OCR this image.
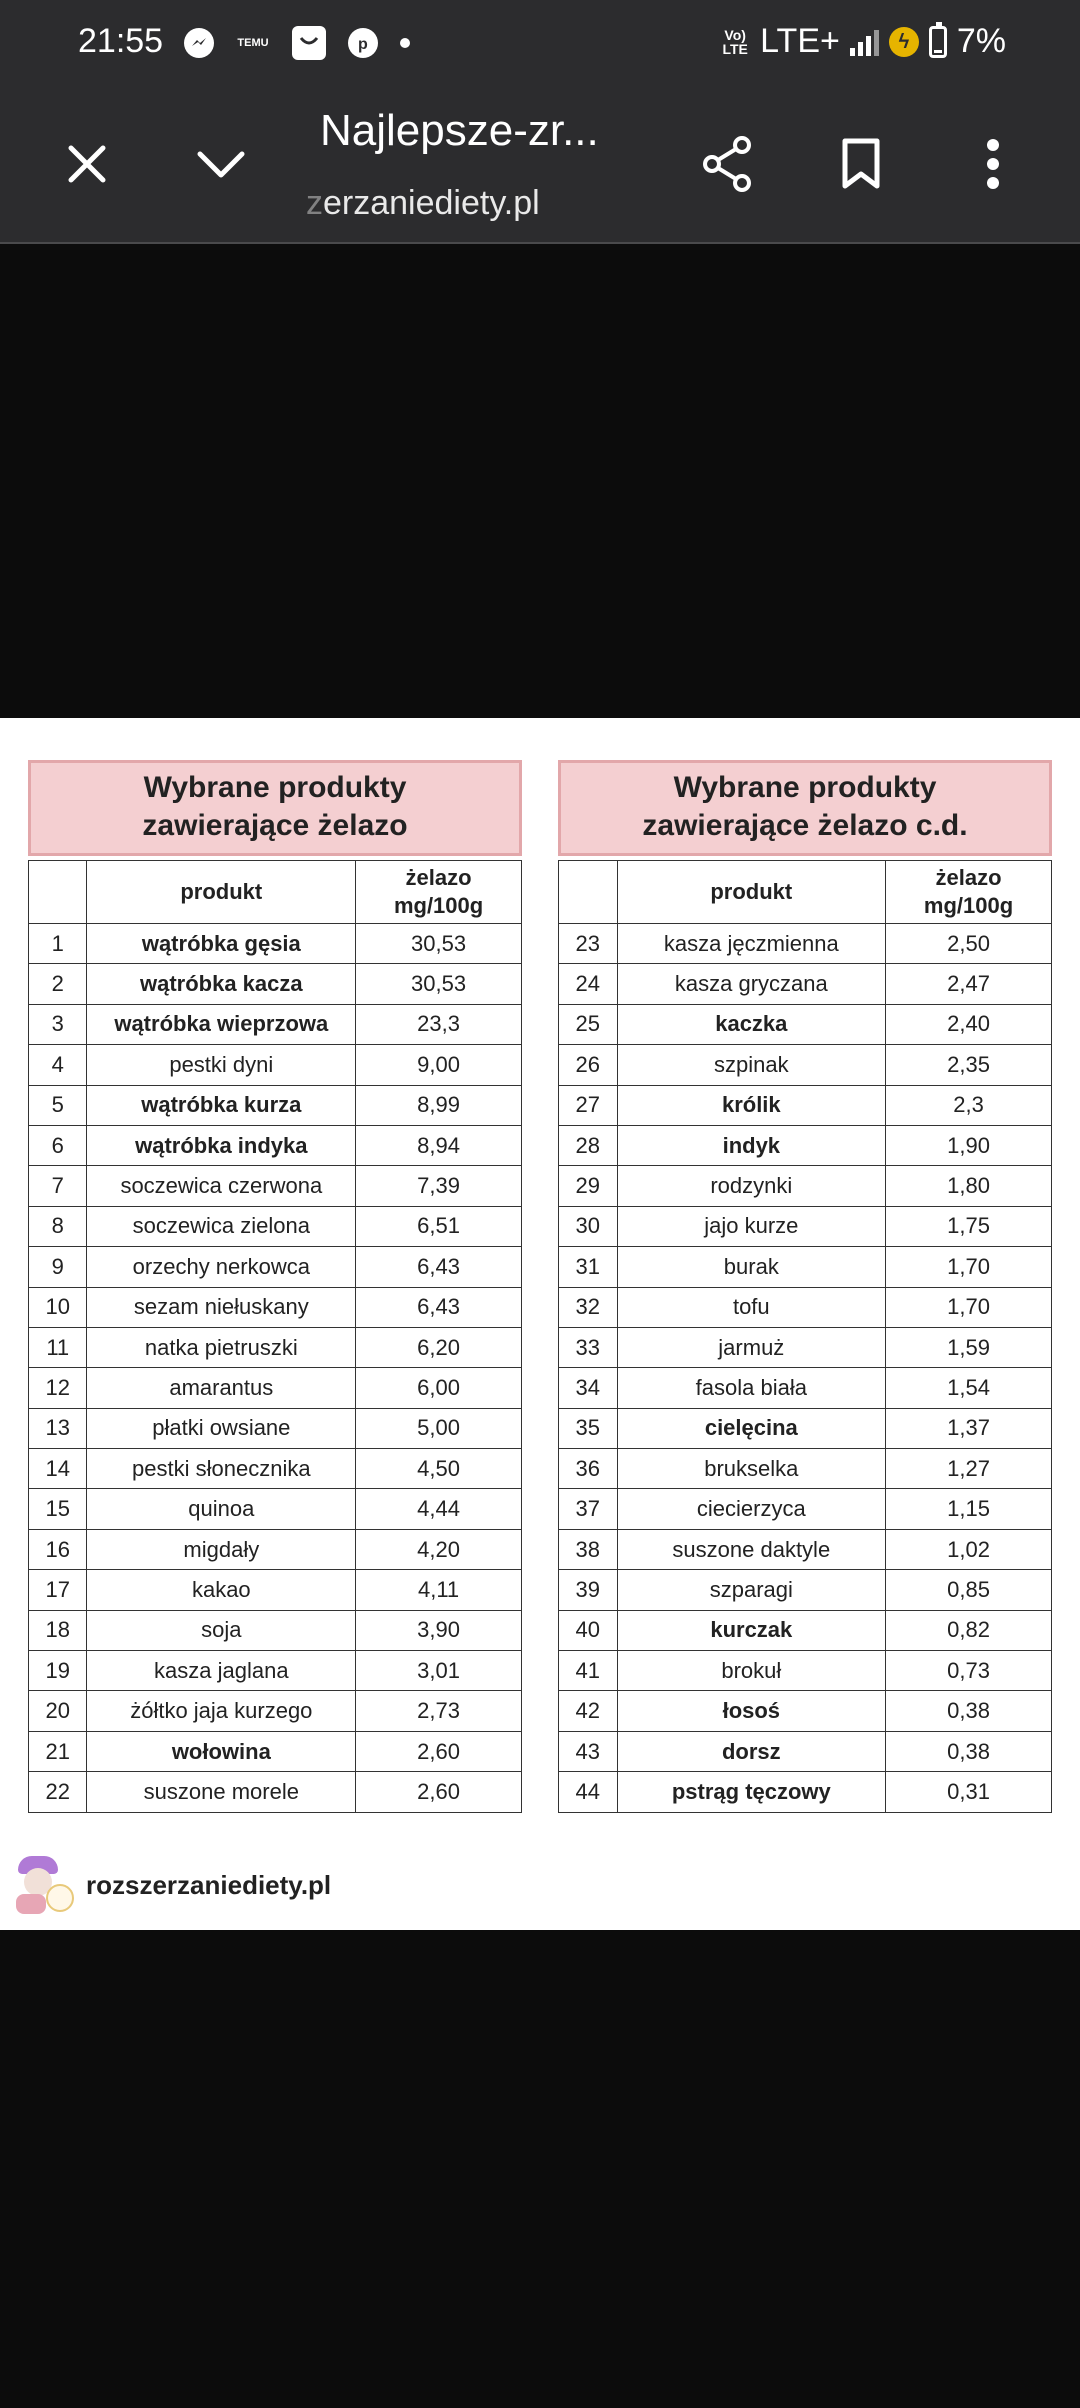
21:55	TEMU	p
Vo) LTE LTE+	ϟ 7%
Najlepsze-zr...
zerzaniediety.pl
Wybrane produkty
zawierające żelazo
	produkt	żelazo
mg/100g
1	wątróbka gęsia	30,53
2	wątróbka kacza	30,53
3	wątróbka wieprzowa	23,3
4	pestki dyni	9,00
5	wątróbka kurza	8,99
6	wątróbka indyka	8,94
7	soczewica czerwona	7,39
8	soczewica zielona	6,51
9	orzechy nerkowca	6,43
10	sezam niełuskany	6,43
11	natka pietruszki	6,20
12	amarantus	6,00
13	płatki owsiane	5,00
14	pestki słonecznika	4,50
15	quinoa	4,44
16	migdały	4,20
17	kakao	4,11
18	soja	3,90
19	kasza jaglana	3,01
20	żółtko jaja kurzego	2,73
21	wołowina	2,60
22	suszone morele	2,60
Wybrane produkty
zawierające żelazo c.d.
	produkt	żelazo
mg/100g
23	kasza jęczmienna	2,50
24	kasza gryczana	2,47
25	kaczka	2,40
26	szpinak	2,35
27	królik	2,3
28	indyk	1,90
29	rodzynki	1,80
30	jajo kurze	1,75
31	burak	1,70
32	tofu	1,70
33	jarmuż	1,59
34	fasola biała	1,54
35	cielęcina	1,37
36	brukselka	1,27
37	ciecierzyca	1,15
38	suszone daktyle	1,02
39	szparagi	0,85
40	kurczak	0,82
41	brokuł	0,73
42	łosoś	0,38
43	dorsz	0,38
44	pstrąg tęczowy	0,31
rozszerzaniediety.pl
